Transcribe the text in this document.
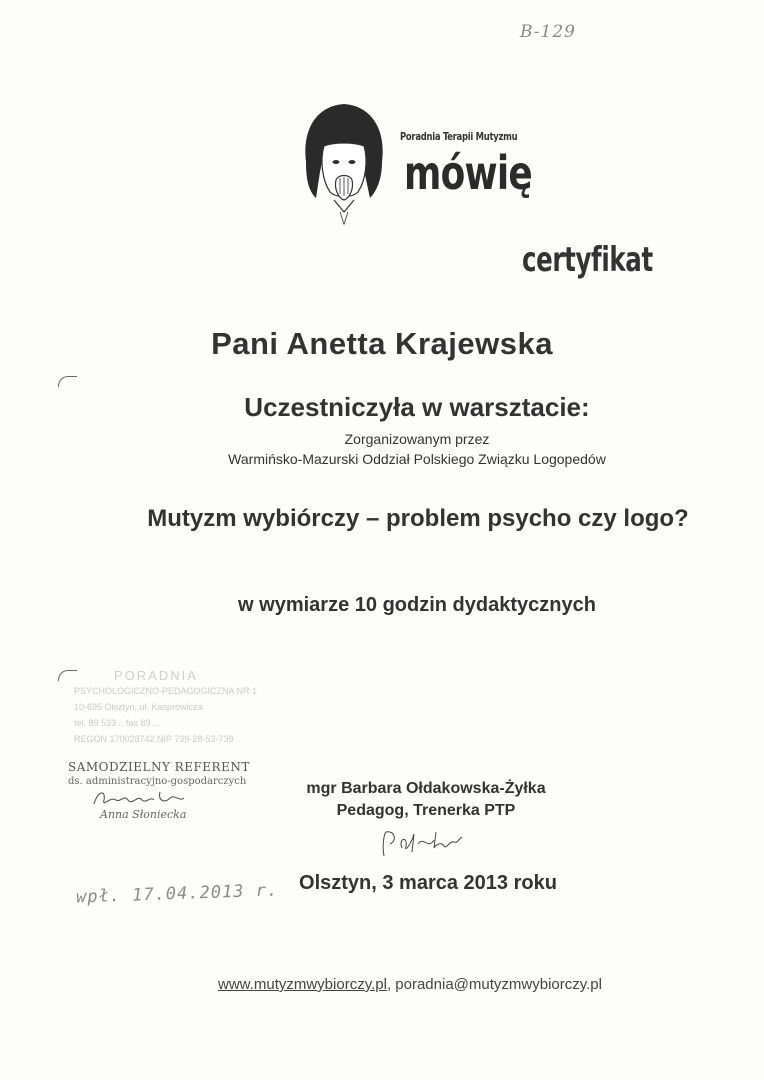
B-129
Poradnia Terapii Mutyzmu
mówię
certyfikat
Pani Anetta Krajewska
Uczestniczyła w warsztacie:
Zorganizowanym przez
Warmińsko-Mazurski Oddział Polskiego Związku Logopedów
Mutyzm wybiórczy – problem psycho czy logo?
w wymiarze 10 godzin dydaktycznych
PORADNIA
PSYCHOLOGICZNO-PEDAGOGICZNA NR 1
10-695 Olsztyn, ul. Kasprowicza
tel. 89 533 .. fax 89 ...
REGON 170028742 NIP 739-28-53-739
SAMODZIELNY REFERENT
ds. administracyjno-gospodarczych
Anna Słoniecka
mgr Barbara Ołdakowska-Żyłka
Pedagog, Trenerka PTP
Olsztyn, 3 marca 2013 roku
wpł. 17.04.2013 r.
www.mutyzmwybiorczy.pl, poradnia@mutyzmwybiorczy.pl
